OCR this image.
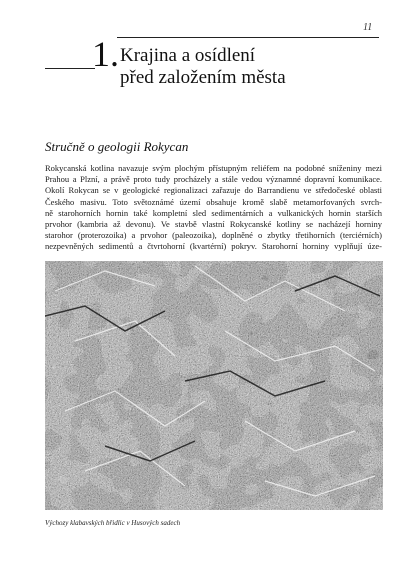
11
1. Krajina a osídlení
před založením města
Stručně o geologii Rokycan
Rokycanská kotlina navazuje svým plochým přístupným reliéfem na podobné sníženiny mezi
Prahou a Plzní, a právě proto tudy procházely a stále vedou významné dopravní komunikace.
Okolí Rokycan se v geologické regionalizaci zařazuje do Barrandienu ve středočeské oblasti
Českého masivu. Toto světoznámé území obsahuje kromě slabě metamorfovaných svrch-
ně starohorních hornin také kompletní sled sedimentárních a vulkanických hornin starších
prvohor (kambria až devonu). Ve stavbě vlastní Rokycanské kotliny se nacházejí horniny
starohor (proterozoika) a prvohor (paleozoika), doplněné o zbytky třetihorních (terciérních)
nezpevněných sedimentů a čtvrtohorní (kvartérní) pokryv. Starohorní horniny vyplňují úze-
Výchozy klabavských břidlic v Husových sadech
